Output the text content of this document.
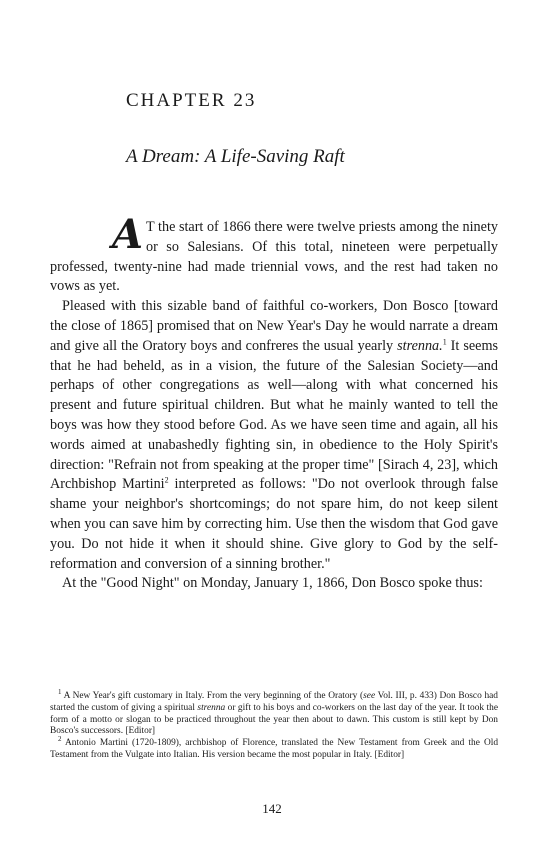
CHAPTER 23
A Dream: A Life-Saving Raft

A T the start of 1866 there were twelve priests among the ninety or so Salesians. Of this total, nineteen were perpetually professed, twenty-nine had made triennial vows, and the rest had taken no vows as yet.

Pleased with this sizable band of faithful co-workers, Don Bosco [toward the close of 1865] promised that on New Year's Day he would narrate a dream and give all the Oratory boys and confreres the usual yearly strenna.$^1$ It seems that he had beheld, as in a vision, the future of the Salesian Society—and perhaps of other congregations as well—along with what concerned his present and future spiritual children. But what he mainly wanted to tell the boys was how they stood before God. As we have seen time and again, all his words aimed at unabashedly fighting sin, in obedience to the Holy Spirit's direction: "Refrain not from speaking at the proper time" [Sirach 4, 23], which Archbishop Martini$^2$ interpreted as follows: "Do not overlook through false shame your neighbor's shortcomings; do not spare him, do not keep silent when you can save him by correcting him. Use then the wisdom that God gave you. Do not hide it when it should shine. Give glory to God by the self-reformation and conversion of a sinning brother."

At the "Good Night" on Monday, January 1, 1866, Don Bosco spoke thus:

$^1$ A New Year's gift customary in Italy. From the very beginning of the Oratory (see Vol. III, p. 433) Don Bosco had started the custom of giving a spiritual strenna or gift to his boys and co-workers on the last day of the year. It took the form of a motto or slogan to be practiced throughout the year then about to dawn. This custom is still kept by Don Bosco's successors. [Editor]

$^2$ Antonio Martini (1720-1809), archbishop of Florence, translated the New Testament from Greek and the Old Testament from the Vulgate into Italian. His version became the most popular in Italy. [Editor]

142
